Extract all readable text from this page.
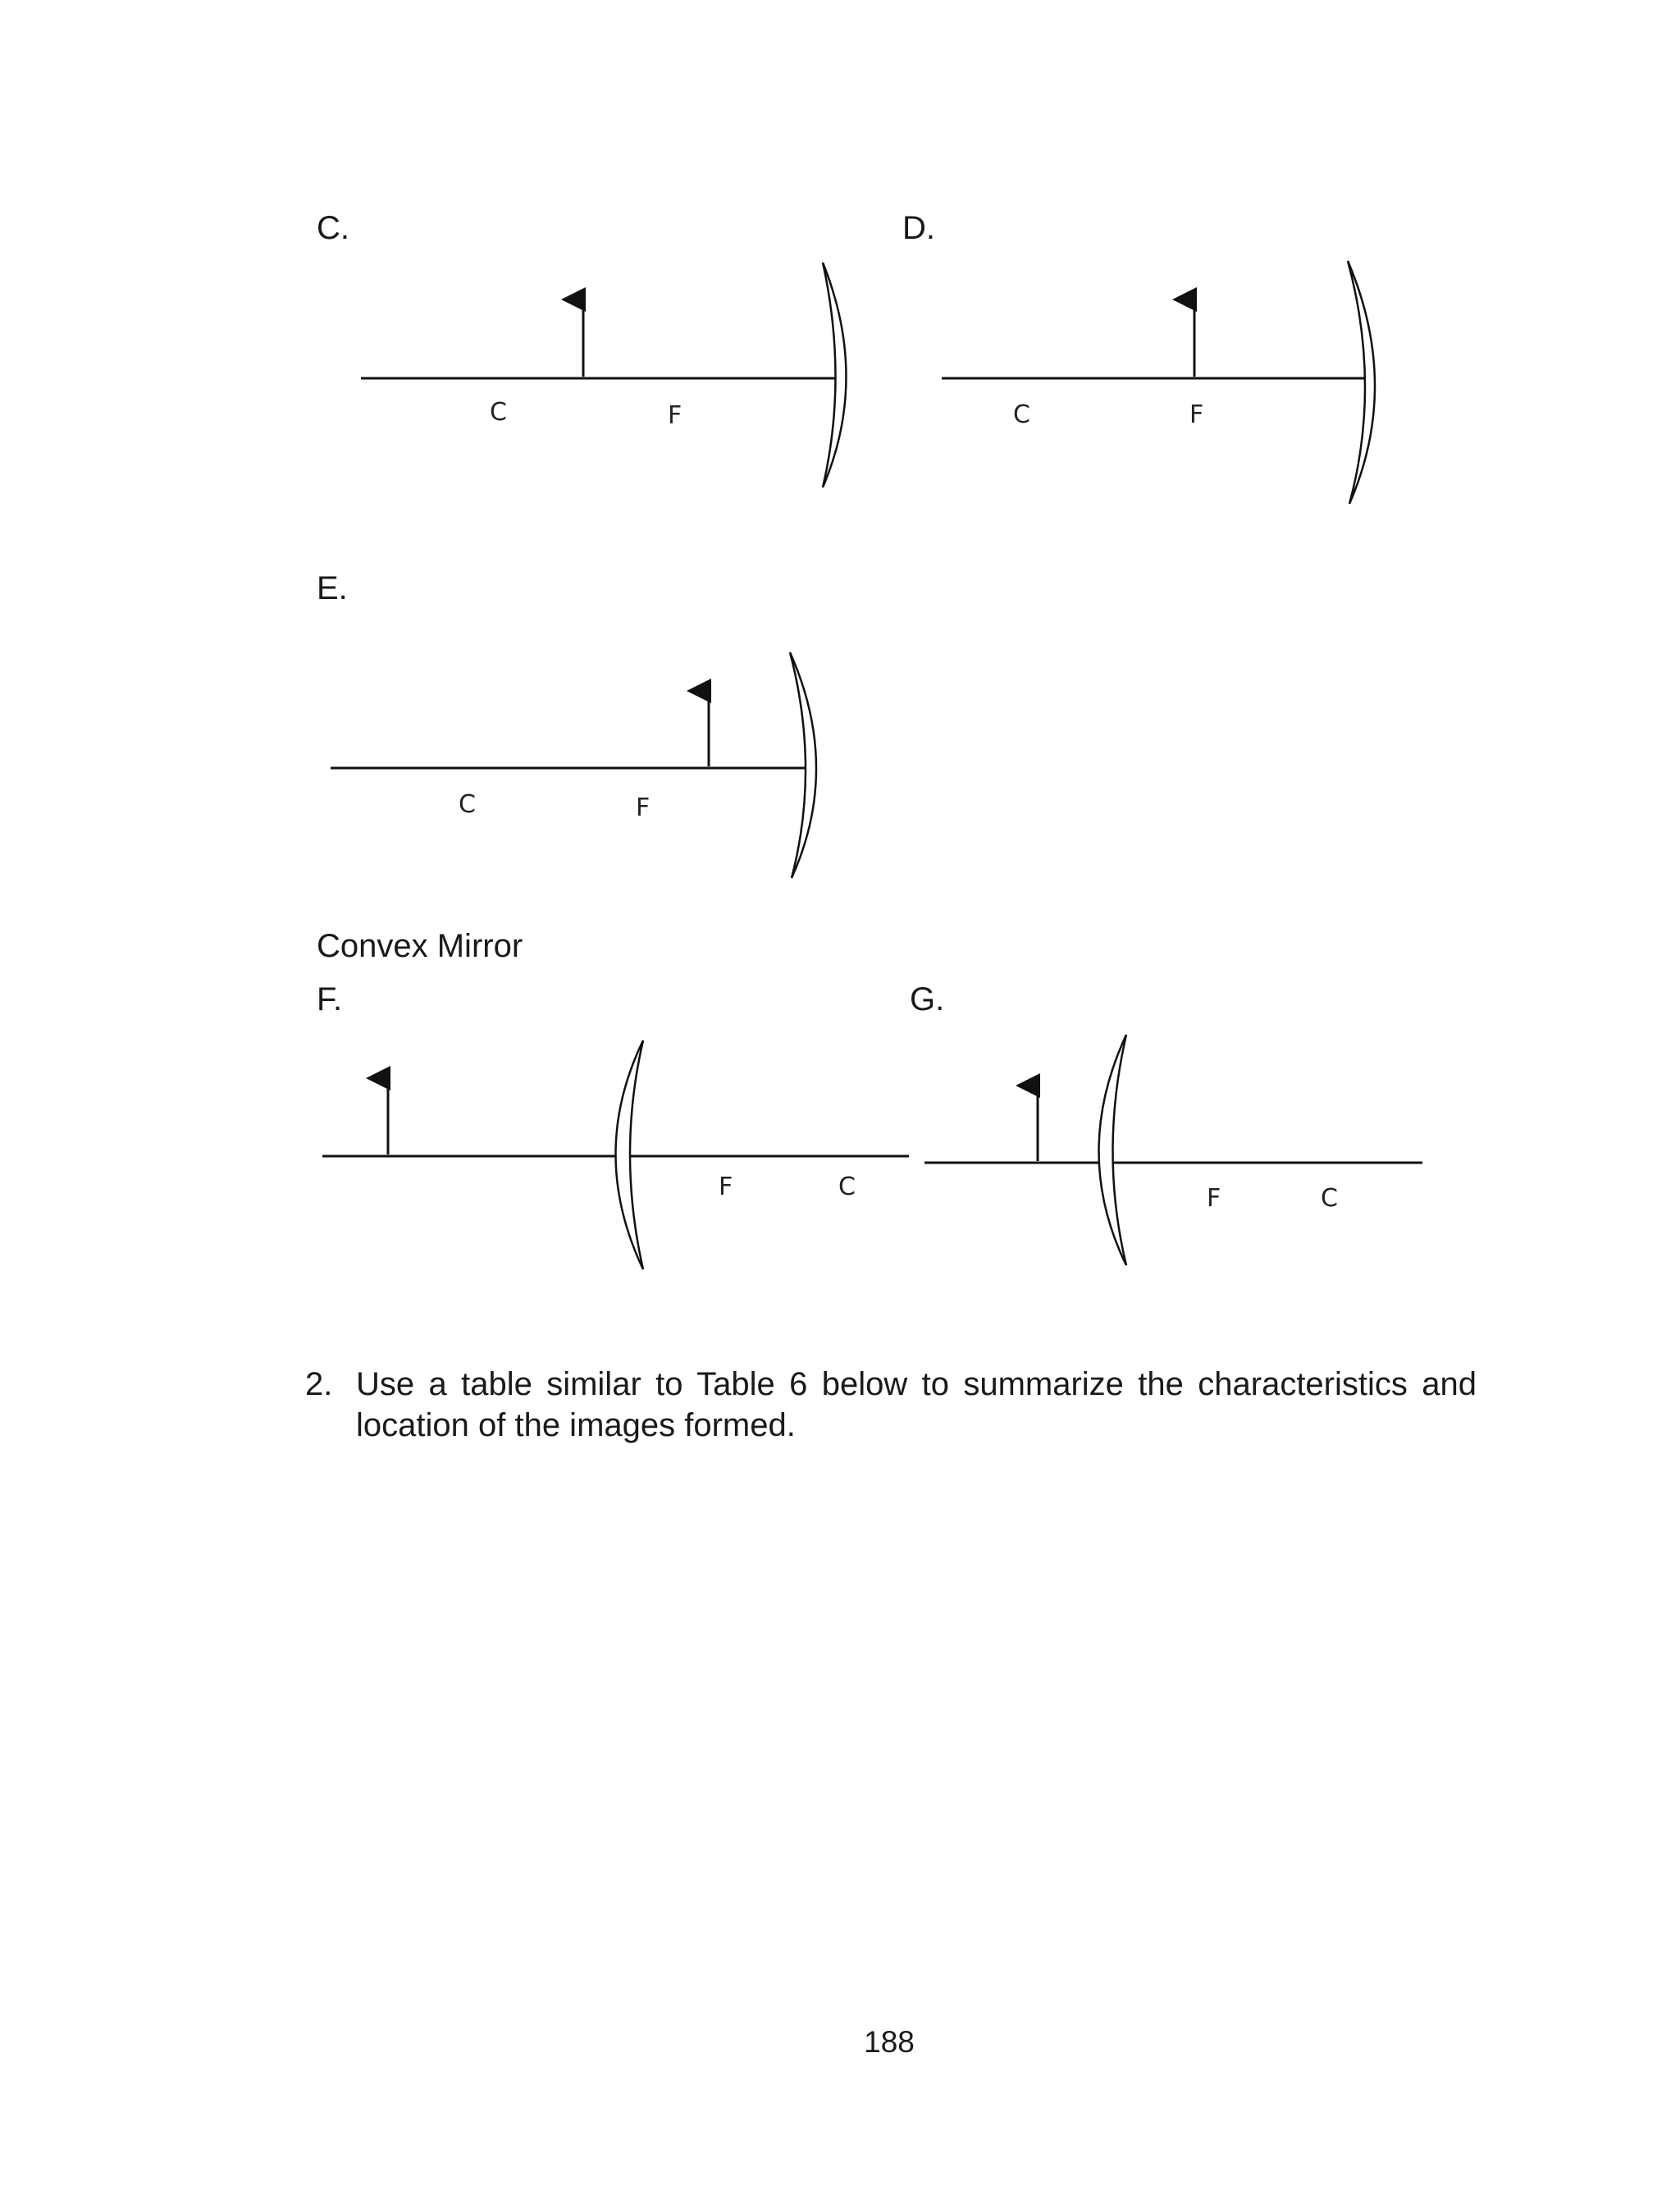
C.	D.
E.
Convex Mirror
F.	G.
C	F	C	F
C	F
F	C	F	C
2. Use a table similar to Table 6 below to summarize the characteristics and location of the images formed.
188
